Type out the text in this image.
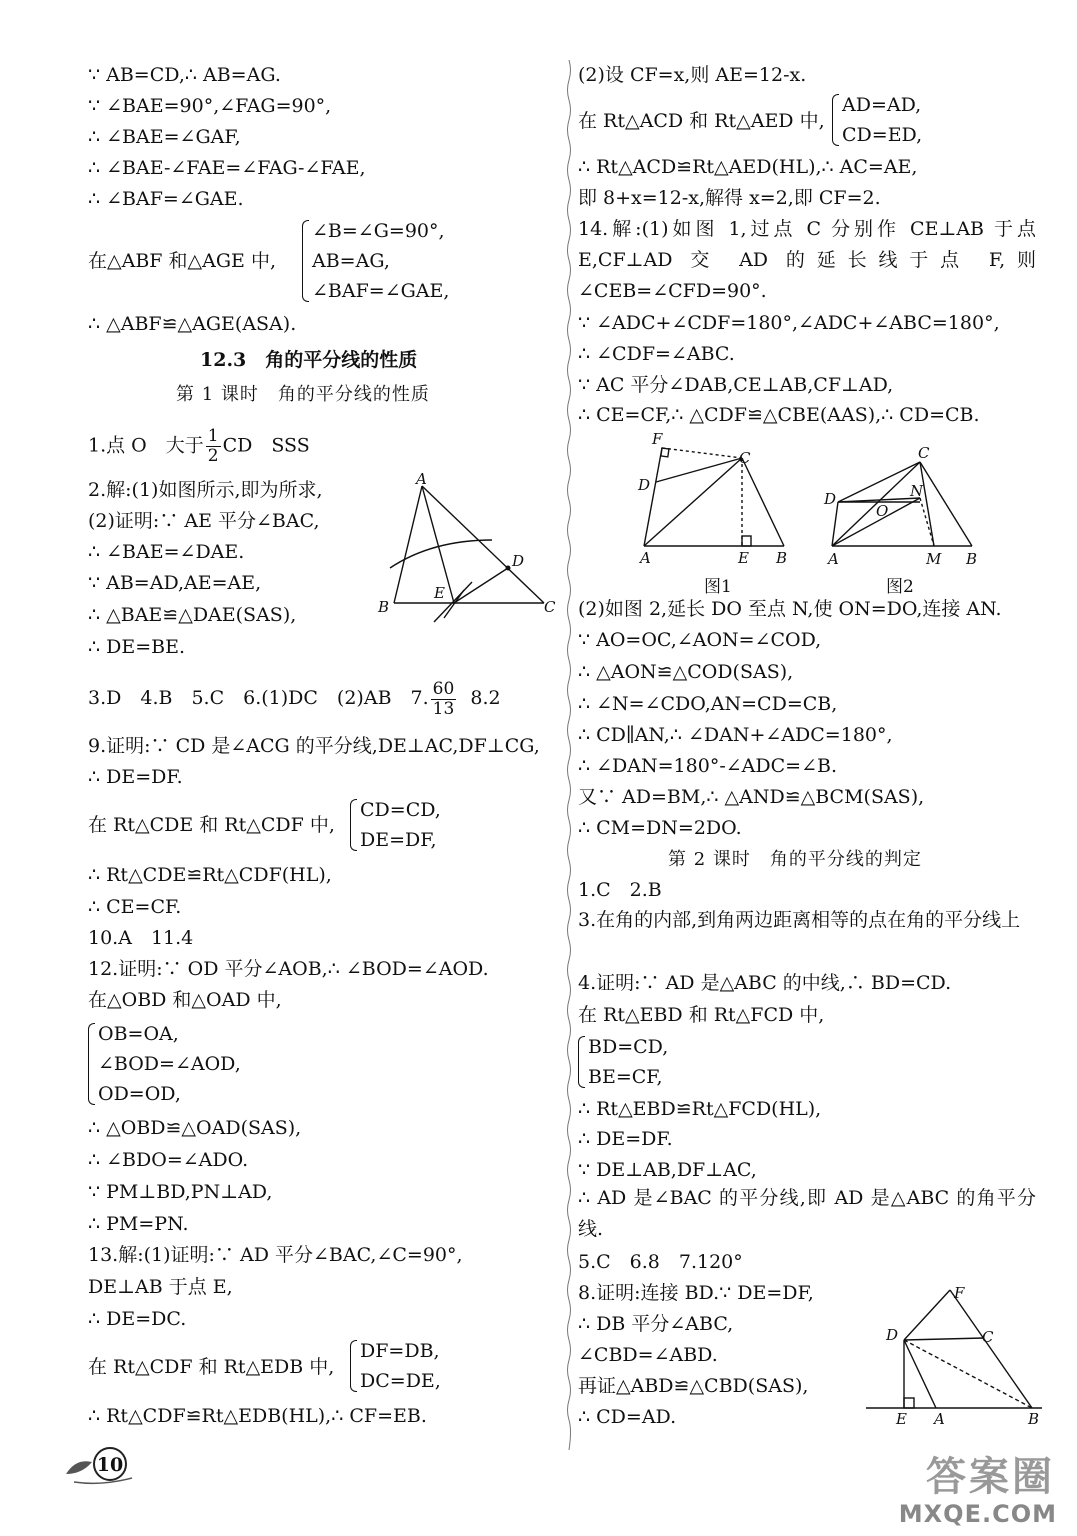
∵ AB=CD,∴ AB=AG.
∵ ∠BAE=90°,∠FAG=90°,
∴ ∠BAE=∠GAF,
∴ ∠BAE-∠FAE=∠FAG-∠FAE,
∴ ∠BAF=∠GAE.
在△ABF 和△AGE 中,
∠B=∠G=90°,
AB=AG,
∠BAF=∠GAE,
∴ △ABF≌△AGE(ASA).
12.3　角的平分线的性质
第 1 课时　角的平分线的性质
1.点 O　大于 $\frac{1}{2}$ CD　SSS
2.解:(1)如图所示,即为所求,
(2)证明:∵ AE 平分∠BAC,
∴ ∠BAE=∠DAE.
∵ AB=AD,AE=AE,
∴ △BAE≌△DAE(SAS),
∴ DE=BE.
3.D　4.B　5.C　6.(1)DC　(2)AB　7. $\frac{60}{13} 8.2$
9.证明:∵ CD 是∠ACG 的平分线,DE⊥AC,DF⊥CG,
∴ DE=DF.
在 Rt△CDE 和 Rt△CDF 中,
CD=CD,
DE=DF,
∴ Rt△CDE≌Rt△CDF(HL),
∴ CE=CF.
10.A　11.4
12.证明:∵ OD 平分∠AOB,∴ ∠BOD=∠AOD.
在△OBD 和△OAD 中,
OB=OA,
∠BOD=∠AOD,
OD=OD,
∴ △OBD≌△OAD(SAS),
∴ ∠BDO=∠ADO.
∵ PM⊥BD,PN⊥AD,
∴ PM=PN.
13.解:(1)证明:∵ AD 平分∠BAC,∠C=90°,
DE⊥AB 于点 E,
∴ DE=DC.
在 Rt△CDF 和 Rt△EDB 中,
DF=DB,
DC=DE,
∴ Rt△CDF≌Rt△EDB(HL),∴ CF=EB.
A
D
E
B	C
(2)设 CF=x,则 AE=12-x.
在 Rt△ACD 和 Rt△AED 中,
AD=AD,
CD=ED,
∴ Rt△ACD≌Rt△AED(HL),∴ AC=AE,
即 8+x=12-x,解得 x=2,即 CF=2.
14.解:(1)如图 1,过点 C 分别作 CE⊥AB 于点 E,CF⊥AD 交 AD 的延长线于点 F,则∠CEB=∠CFD=90°.
∵ ∠ADC+∠CDF=180°,∠ADC+∠ABC=180°,
∴ ∠CDF=∠ABC.
∵ AC 平分∠DAB,CE⊥AB,CF⊥AD,
∴ CE=CF,∴ △CDF≌△CBE(AAS),∴ CD=CB.
(2)如图 2,延长 DO 至点 N,使 ON=DO,连接 AN.
∵ AO=OC,∠AON=∠COD,
∴ △AON≌△COD(SAS),
∴ ∠N=∠CDO,AN=CD=CB,
∴ CD∥AN,∴ ∠DAN+∠ADC=180°,
∴ ∠DAN=180°-∠ADC=∠B.
又∵ AD=BM,∴ △AND≌△BCM(SAS),
∴ CM=DN=2DO.
第 2 课时　角的平分线的判定
1.C　2.B
3.在角的内部,到角两边距离相等的点在角的平分线上
4.证明:∵ AD 是△ABC 的中线,∴ BD=CD.
在 Rt△EBD 和 Rt△FCD 中,
BD=CD,
BE=CF,
∴ Rt△EBD≌Rt△FCD(HL),
∴ DE=DF.
∵ DE⊥AB,DF⊥AC,
∴ AD 是∠BAC 的平分线,即 AD 是△ABC 的角平分线.
5.C　6.8　7.120°
8.证明:连接 BD.∵ DE=DF,
∴ DB 平分∠ABC,
∠CBD=∠ABD.
再证△ABD≌△CBD(SAS),
∴ CD=AD.
F
C
D
A	E B
图1
C
D	N
O
A	M B
图2
F
C
D
E A	B
10	答案圈
MXQE.COM
